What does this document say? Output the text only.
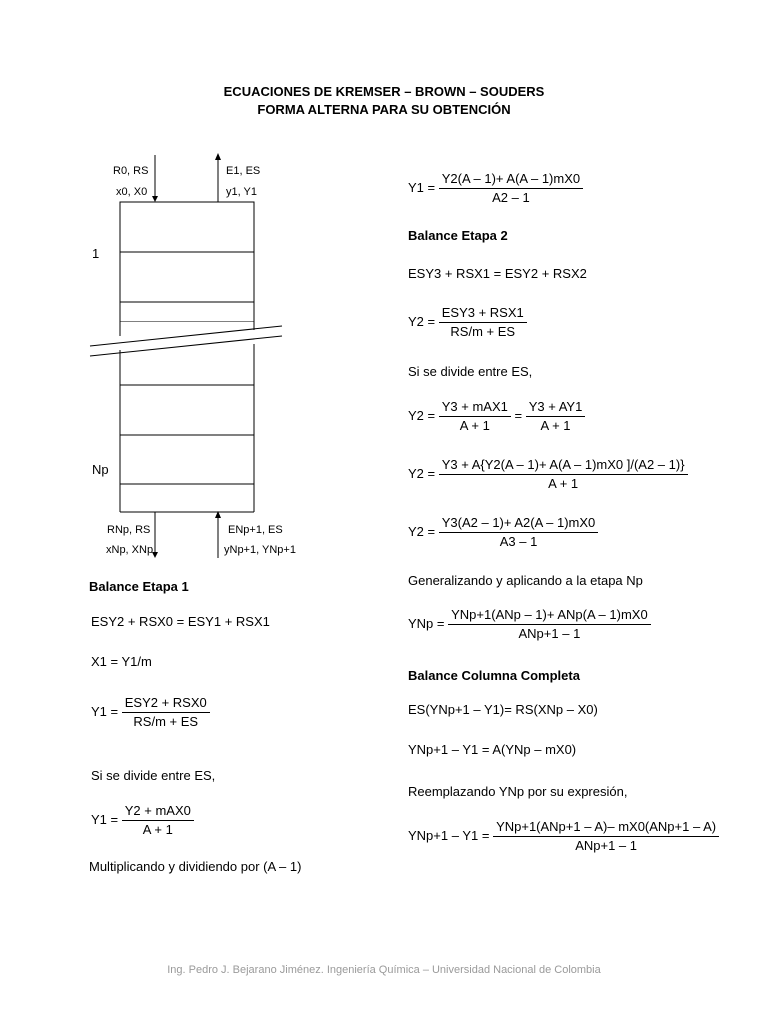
ECUACIONES DE KREMSER – BROWN – SOUDERS
FORMA ALTERNA PARA SU OBTENCIÓN
R0, RS
x0, X0
E1, ES
y1, Y1
1
Np
RNp, RS
xNp, XNp
ENp+1, ES
yNp+1, YNp+1
Balance Etapa 1
ESY2 + RSX0 = ESY1 + RSX1
X1 = Y1/m
$Y1 = \frac{\text{ESY2 + RSX0}}{RS/m + ES}$
Si se divide entre ES,
$Y1 = \frac{\text{Y2 + mAX0}}{A + 1}$
Multiplicando y dividiendo por (A – 1)
$Y1 = \frac{Y2(A - 1)+ A(A - 1)mX0}{A2 - 1}$
Balance Etapa 2
ESY3 + RSX1 = ESY2 + RSX2
$Y2 = \frac{\text{ESY3 + RSX1}}{RS/m + ES}$
Si se divide entre ES,
$Y2 = \frac{\text{Y3 + mAX1}}{A + 1} = \frac{Y3 + AY1}{A + 1}$
$Y2 = \frac{Y3 + A\{Y2(A - 1)+ A(A - 1)mX0 ]/(A2 - 1)\}}{A + 1}$
$Y2 = \frac{Y3(A2 - 1)+ A2(A - 1)mX0}{A3 - 1}$
Generalizando y aplicando a la etapa Np
YNp = $\frac{\text{YNp+1(ANp – 1)+ ANp(A – 1)mX0}}{\text{ANp+1 – 1}}$
Balance Columna Completa
ES(YNp+1 – Y1)= RS(XNp – X0)
YNp+1 – Y1 = A(YNp – mX0)
Reemplazando YNp por su expresión,
$YNp+1 - Y1 = \frac{\text{YNp+1(ANp+1 – A)– mX0(ANp+1 – A)}}{\text{ANp+1 – 1}}$
Ing. Pedro J. Bejarano Jiménez. Ingeniería Química – Universidad Nacional de Colombia
